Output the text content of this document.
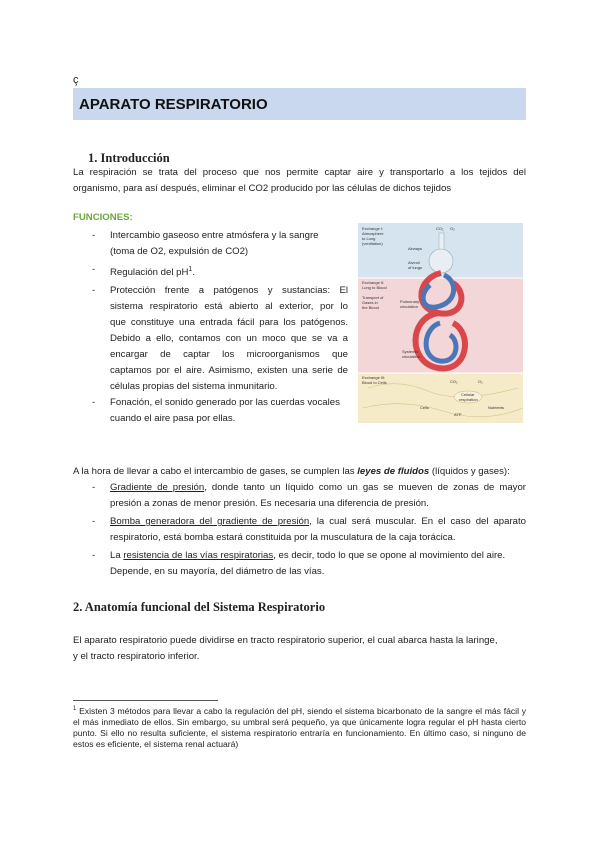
ç
APARATO RESPIRATORIO
1. Introducción
La respiración se trata del proceso que nos permite captar aire y transportarlo a los tejidos del
organismo, para así después, eliminar el CO2 producido por las células de dichos tejidos
FUNCIONES:
- Intercambio gaseoso entre atmósfera y la sangre
(toma de O2, expulsión de CO2)
- Regulación del $pH^1$.
- Protección frente a patógenos y sustancias: El
sistema respiratorio está abierto al exterior, por lo
que constituye una entrada fácil para los patógenos.
Debido a ello, contamos con un moco que se va a
encargar de captar los microorganismos que
captamos por el aire. Asimismo, existen una serie de
células propias del sistema inmunitario.
- Fonación, el sonido generado por las cuerdas vocales
cuando el aire pasa por ellas.
Exchange I:
Atmosphere
to Lung
(ventilation)
Exchange II:
Lung to Blood
Transport of
Gases in
the Blood
Exchange III:
Blood to Cells
Airways
Alveoli
of lungs
Pulmonary
circulation
Systemic
circulation
CO₂ O₂
CO₂	O₂
Cellular
respiration
Cells
ATP
Nutrients
A la hora de llevar a cabo el intercambio de gases, se cumplen las leyes de fluidos (líquidos y gases):
- Gradiente de presión, donde tanto un líquido como un gas se mueven de zonas de mayor
presión a zonas de menor presión. Es necesaria una diferencia de presión.
- Bomba generadora del gradiente de presión, la cual será muscular. En el caso del aparato
respiratorio, está bomba estará constituida por la musculatura de la caja torácica.
- La resistencia de las vías respiratorias, es decir, todo lo que se opone al movimiento del aire.
Depende, en su mayoría, del diámetro de las vías.
2. Anatomía funcional del Sistema Respiratorio
El aparato respiratorio puede dividirse en tracto respiratorio superior, el cual abarca hasta la laringe,
y el tracto respiratorio inferior.
$^1$ Existen 3 métodos para llevar a cabo la regulación del pH, siendo el sistema bicarbonato de la sangre el más fácil y el más inmediato de ellos. Sin embargo, su umbral será pequeño, ya que únicamente logra regular el pH hasta cierto punto. Si ello no resulta suficiente, el sistema respiratorio entraría en funcionamiento. En último caso, si ninguno de estos es eficiente, el sistema renal actuará)
